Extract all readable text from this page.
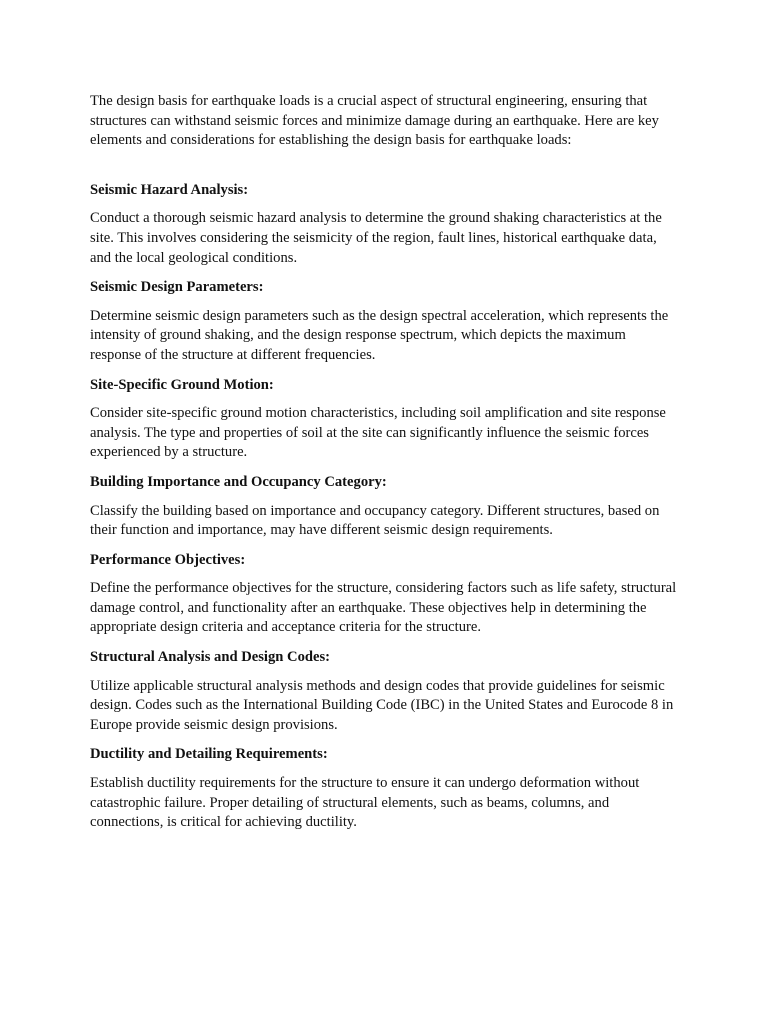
The design basis for earthquake loads is a crucial aspect of structural engineering, ensuring that structures can withstand seismic forces and minimize damage during an earthquake. Here are key elements and considerations for establishing the design basis for earthquake loads:

Seismic Hazard Analysis:

Conduct a thorough seismic hazard analysis to determine the ground shaking characteristics at the site. This involves considering the seismicity of the region, fault lines, historical earthquake data, and the local geological conditions.

Seismic Design Parameters:

Determine seismic design parameters such as the design spectral acceleration, which represents the intensity of ground shaking, and the design response spectrum, which depicts the maximum response of the structure at different frequencies.

Site-Specific Ground Motion:

Consider site-specific ground motion characteristics, including soil amplification and site response analysis. The type and properties of soil at the site can significantly influence the seismic forces experienced by a structure.

Building Importance and Occupancy Category:

Classify the building based on importance and occupancy category. Different structures, based on their function and importance, may have different seismic design requirements.

Performance Objectives:

Define the performance objectives for the structure, considering factors such as life safety, structural damage control, and functionality after an earthquake. These objectives help in determining the appropriate design criteria and acceptance criteria for the structure.

Structural Analysis and Design Codes:

Utilize applicable structural analysis methods and design codes that provide guidelines for seismic design. Codes such as the International Building Code (IBC) in the United States and Eurocode 8 in Europe provide seismic design provisions.

Ductility and Detailing Requirements:

Establish ductility requirements for the structure to ensure it can undergo deformation without catastrophic failure. Proper detailing of structural elements, such as beams, columns, and connections, is critical for achieving ductility.
